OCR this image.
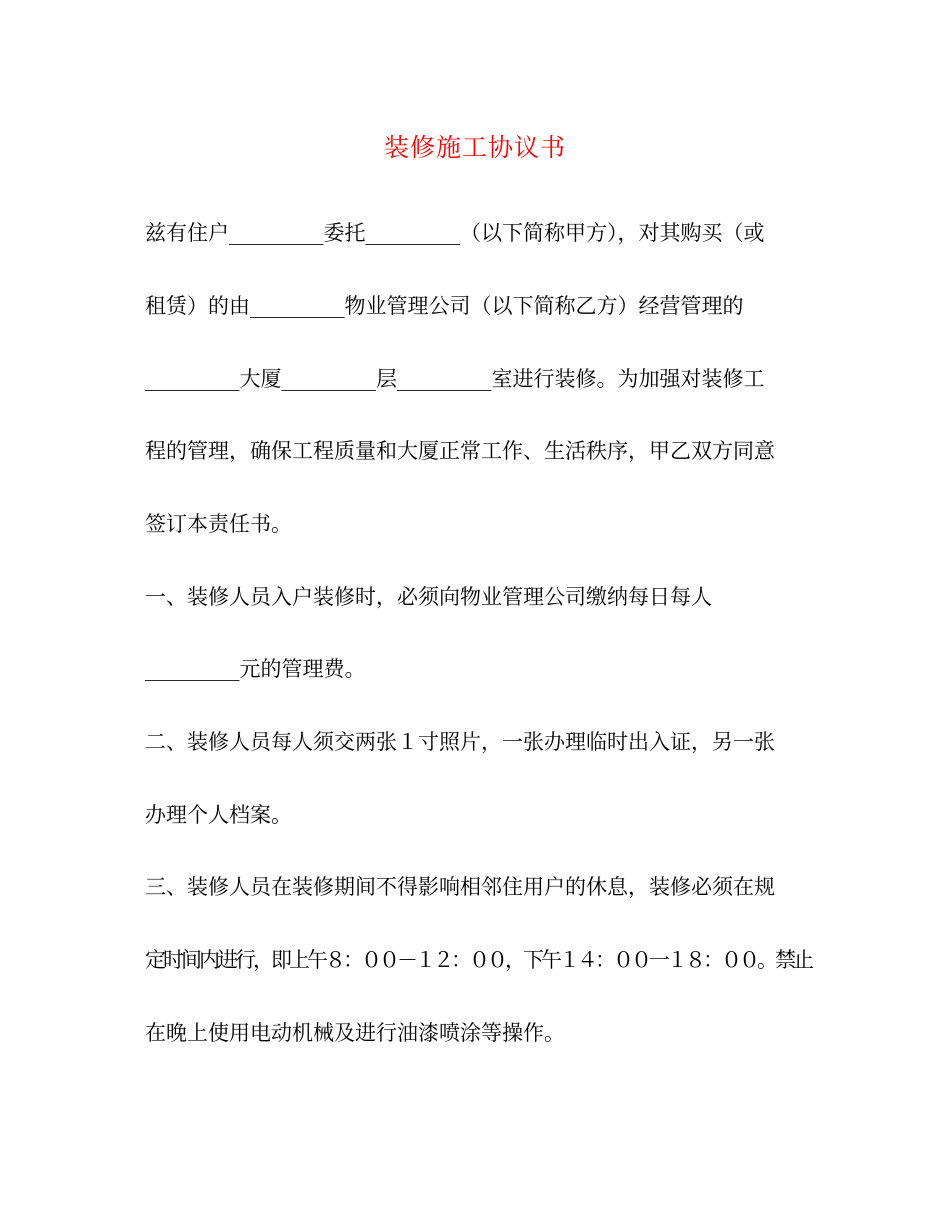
装修施工协议书
兹有住户_________委托_________（以下简称甲方），对其购买（或
租赁）的由_________物业管理公司（以下简称乙方）经营管理的
_________大厦_________层_________室进行装修。为加强对装修工
程的管理，确保工程质量和大厦正常工作、生活秩序，甲乙双方同意
签订本责任书。
一、装修人员入户装修时，必须向物业管理公司缴纳每日每人
_________元的管理费。
二、装修人员每人须交两张１寸照片，一张办理临时出入证，另一张
办理个人档案。
三、装修人员在装修期间不得影响相邻住用户的休息，装修必须在规
定时间内进行，即上午８：００－１２：００，下午１４：００一１８：００。禁止
在晚上使用电动机械及进行油漆喷涂等操作。
